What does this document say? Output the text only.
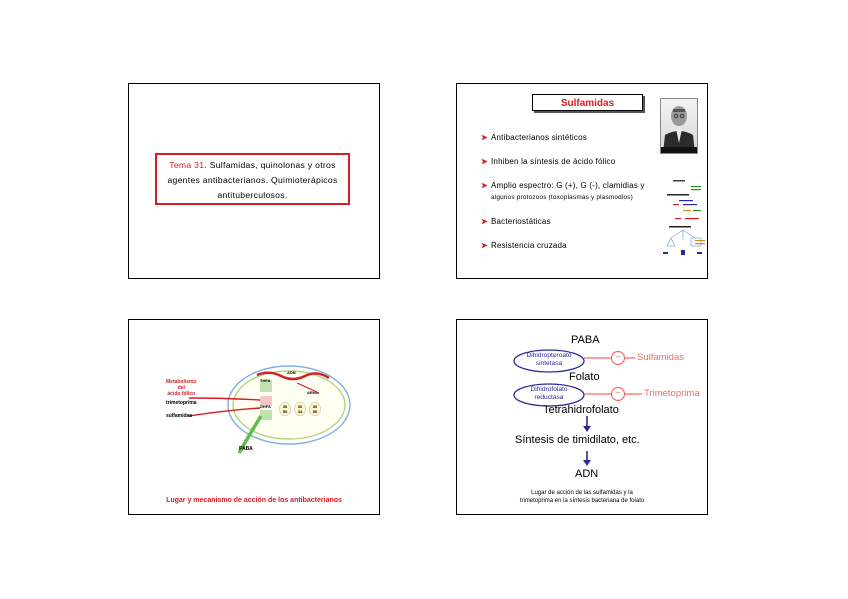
Tema 31. Sulfamidas, quinolonas y otros agentes antibacterianos. Quimioterápicos antituberculosos.
Sulfamidas
➤ Antibacterianos sintéticos
➤ Inhiben la síntesis de ácido fólico
➤ Amplio espectro: G (+), G (-), clamidias y
algunos protozoos (toxoplasmas y plasmodios)
➤ Bacteriostáticas
➤ Resistencia cruzada
30
50
30
34
30
50
Metabolismo
del
ácido fólico
trimetoprima
sulfamidas
PABA
THFA
DHFA
ADN
ARNm
Lugar y mecanismo de acción de los antibacterianos
PABA
Dihidropteroato
sintetasa
– Sulfamidas
Folato
Dihidrofolato
reductasa	– Trimetoprima
Tetrahidrofolato
Síntesis de timidilato, etc.
ADN
Lugar de acción de las sulfamidas y la
trimetoprima en la síntesis bacteriana de folato
